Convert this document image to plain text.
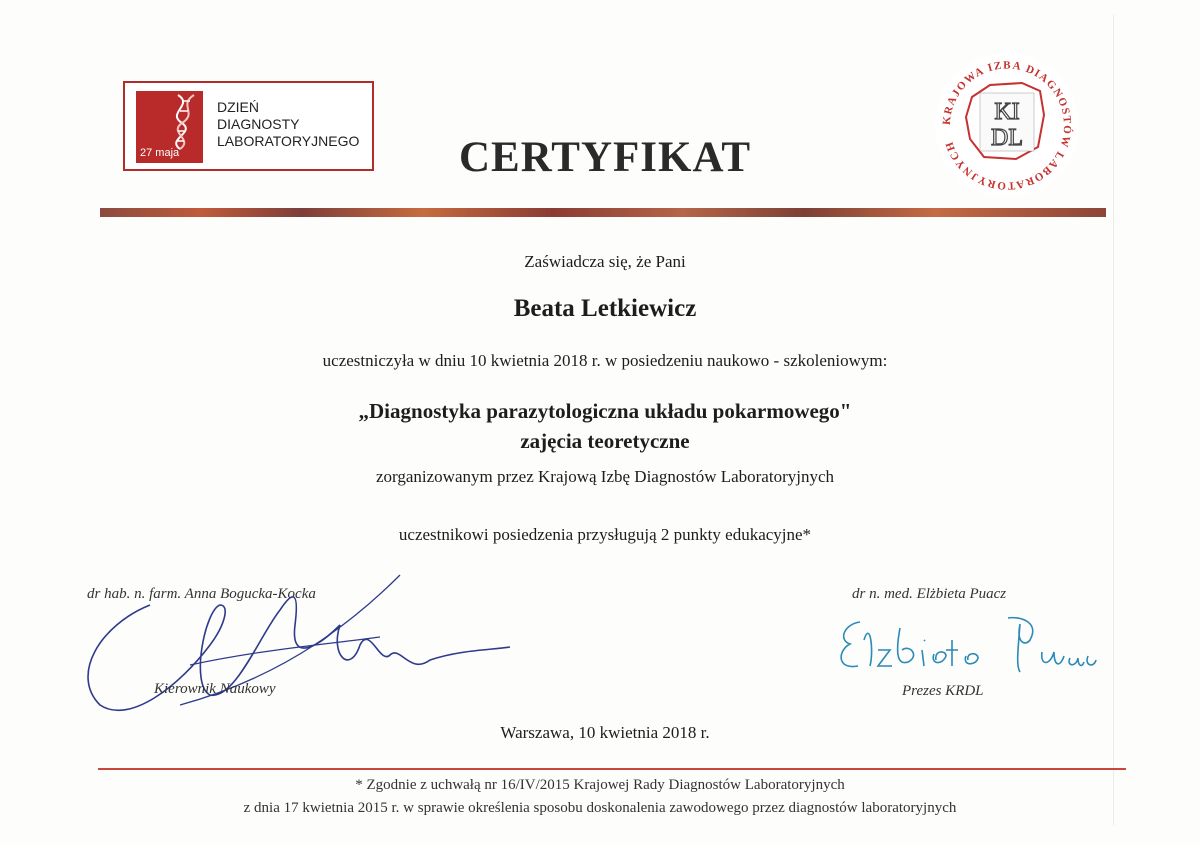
27 maja
DZIEŃ
DIAGNOSTY
LABORATORYJNEGO	CERTYFIKAT
KRAJOWA IZBA DIAGNOSTÓW LABORATORYJNYCH
KI
DL
Zaświadcza się, że Pani
Beata Letkiewicz
uczestniczyła w dniu 10 kwietnia 2018 r. w posiedzeniu naukowo - szkoleniowym:
„Diagnostyka parazytologiczna układu pokarmowego"
zajęcia teoretyczne
zorganizowanym przez Krajową Izbę Diagnostów Laboratoryjnych
uczestnikowi posiedzenia przysługują 2 punkty edukacyjne*
dr hab. n. farm. Anna Bogucka-Kocka
Kierownik Naukowy
dr n. med. Elżbieta Puacz
Prezes KRDL
Warszawa, 10 kwietnia 2018 r.
* Zgodnie z uchwałą nr 16/IV/2015 Krajowej Rady Diagnostów Laboratoryjnych
z dnia 17 kwietnia 2015 r. w sprawie określenia sposobu doskonalenia zawodowego przez diagnostów laboratoryjnych
